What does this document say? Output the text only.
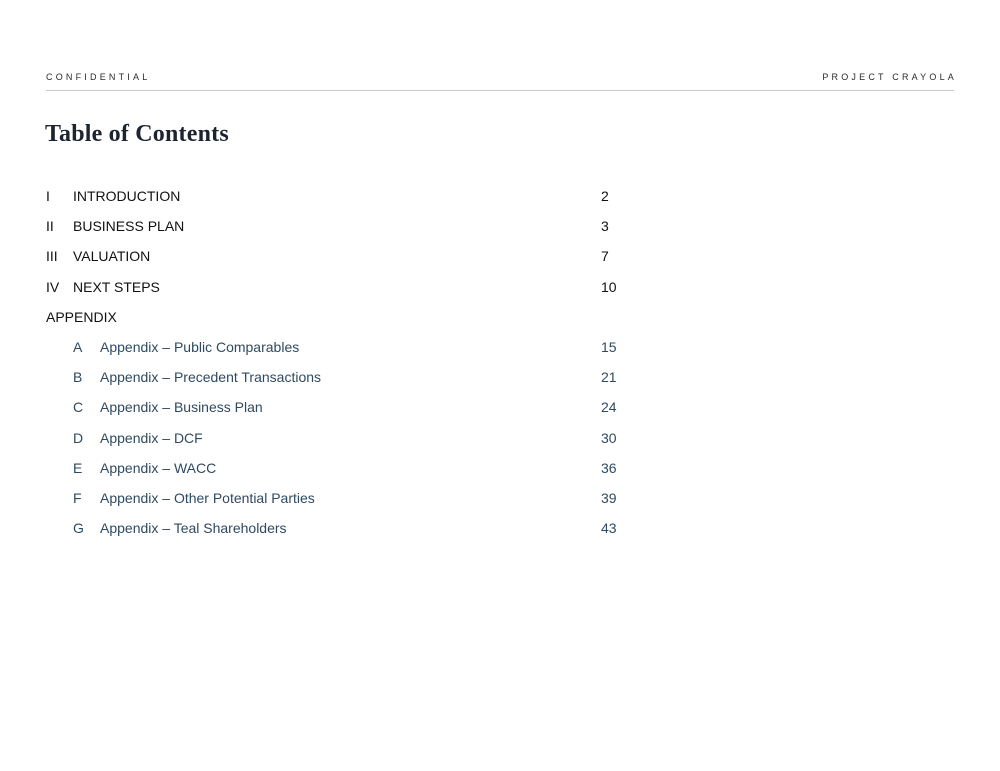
CONFIDENTIAL	PROJECT CRAYOLA
Table of Contents
I INTRODUCTION	2
II BUSINESS PLAN	3
III VALUATION	7
IV NEXT STEPS	10
APPENDIX
A Appendix – Public Comparables	15
B Appendix – Precedent Transactions	21
C Appendix – Business Plan	24
D Appendix – DCF	30
E Appendix – WACC	36
F Appendix – Other Potential Parties	39
G Appendix – Teal Shareholders	43
